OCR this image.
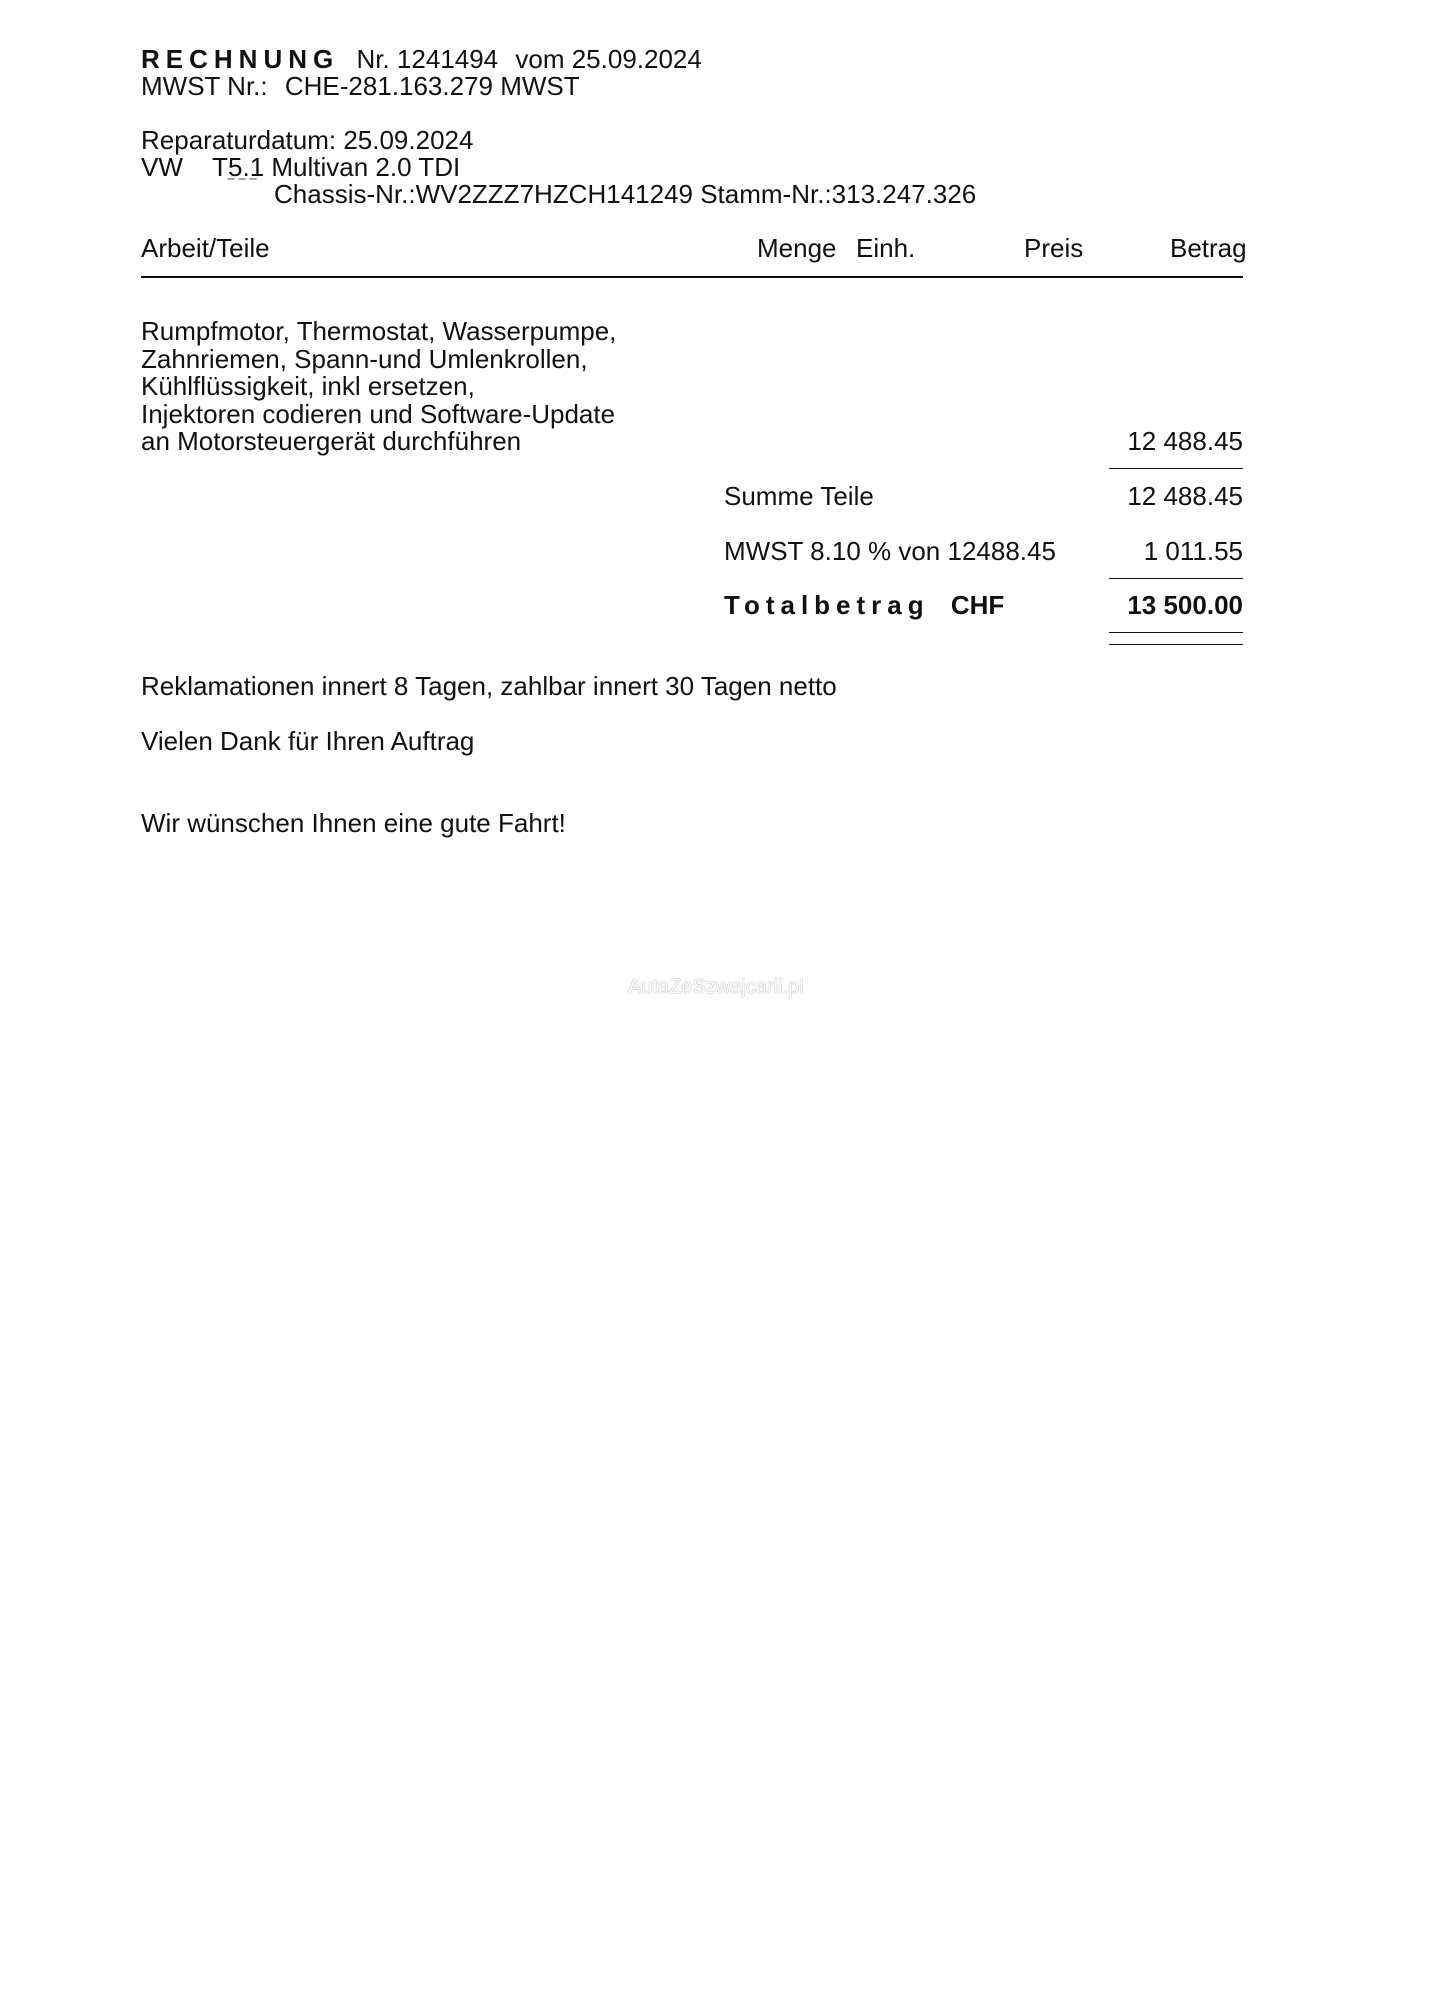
RECHNUNG Nr. 1241494 vom 25.09.2024
MWST Nr.: CHE-281.163.279 MWST
Reparaturdatum: 25.09.2024
VW T5.1 Multivan 2.0 TDI
‾ ‾ ‾ Chassis-Nr.:WV2ZZZ7HZCH141249 Stamm-Nr.:313.247.326
Arbeit/Teile	Menge Einh.	Preis	Betrag
Rumpfmotor, Thermostat, Wasserpumpe,
Zahnriemen, Spann-und Umlenkrollen,
Kühlflüssigkeit, inkl ersetzen,
Injektoren codieren und Software-Update
an Motorsteuergerät durchführen	12 488.45
Summe Teile	12 488.45
MWST 8.10 % von 12488.45	1 011.55
Totalbetrag CHF	13 500.00
Reklamationen innert 8 Tagen, zahlbar innert 30 Tagen netto
Vielen Dank für Ihren Auftrag
Wir wünschen Ihnen eine gute Fahrt!
AutaZeSzwajcarii.pl
